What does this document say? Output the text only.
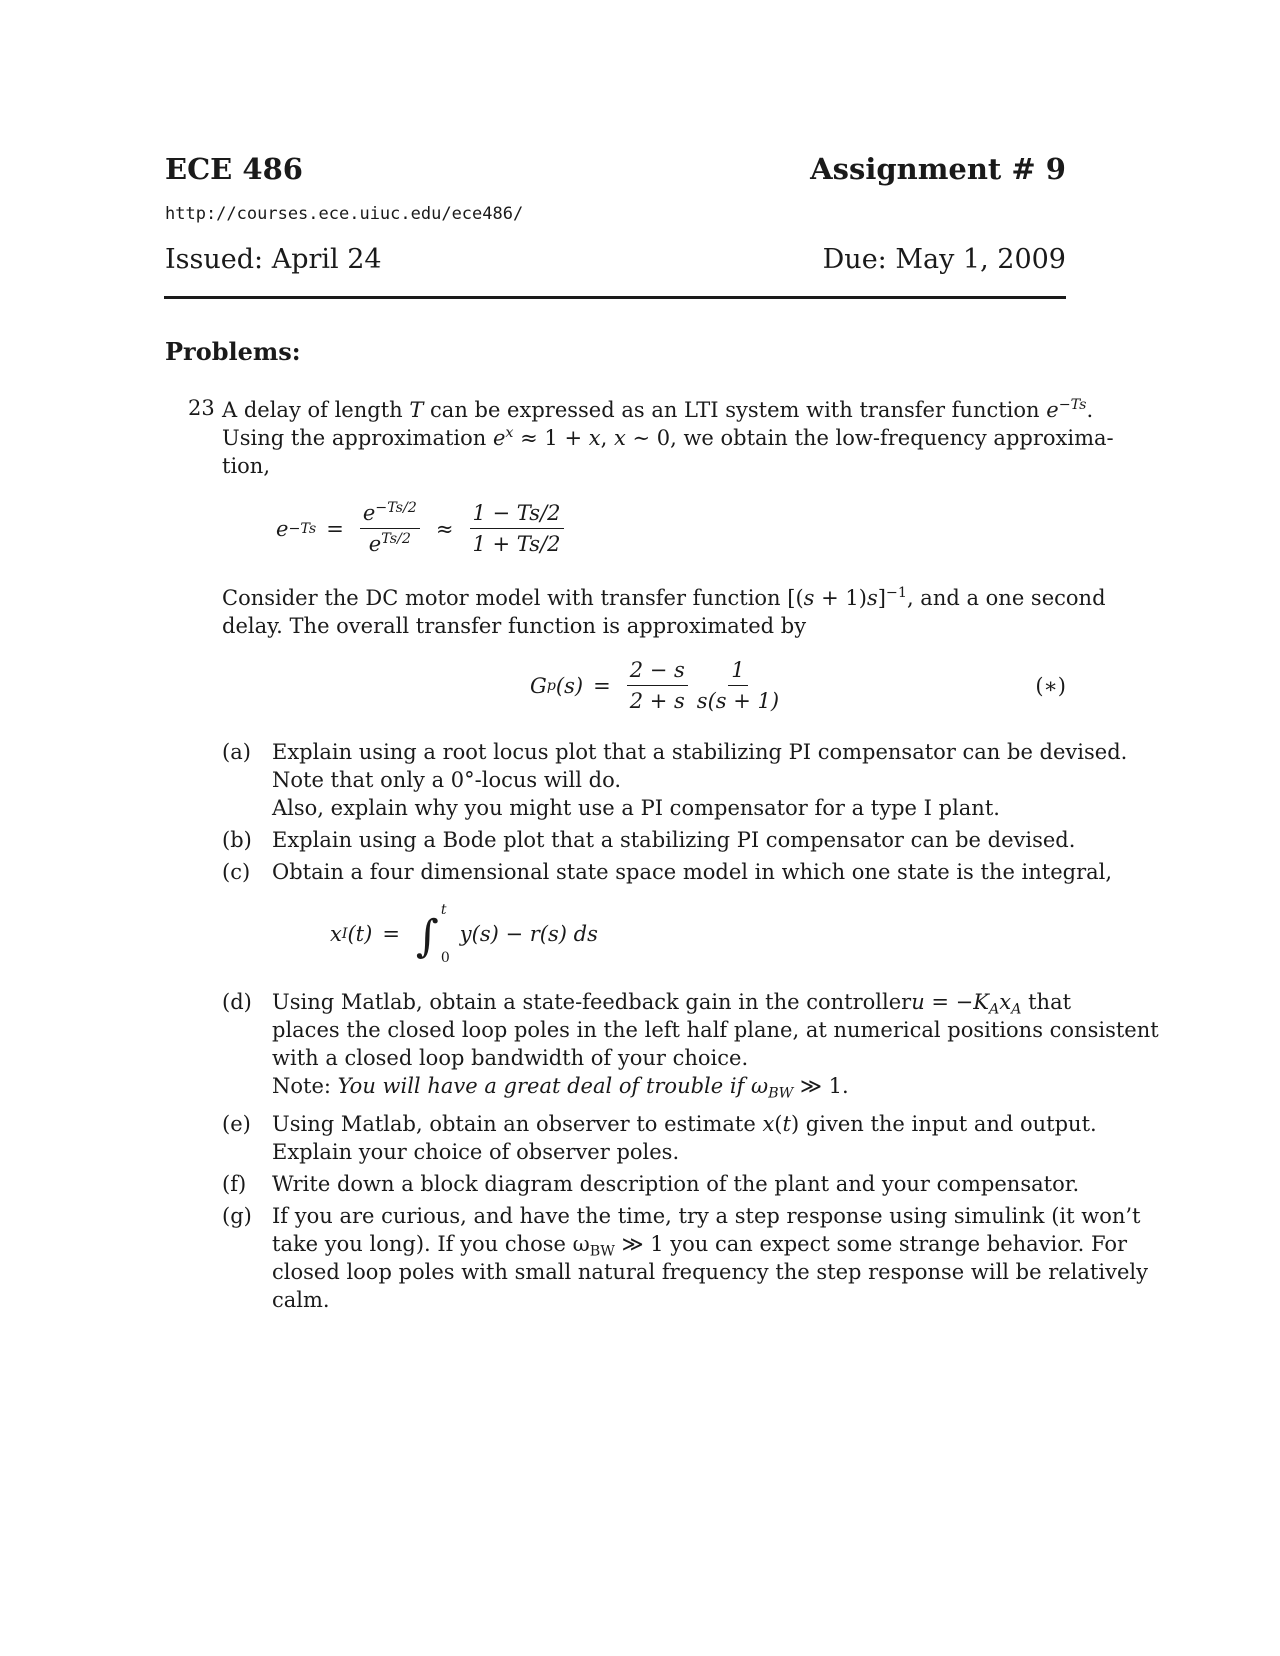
ECE 486	Assignment # 9
http://courses.ece.uiuc.edu/ece486/
Issued: April 24	Due: May 1, 2009
Problems:
23 A delay of length T can be expressed as an LTI system with transfer function $e^{-Ts}$.
Using the approximation $e^x \approx 1 + x$, x ∼ 0, we obtain the low-frequency approxima-
tion,
$e -Ts = \frac{e^{-Ts/2}}{e^{Ts/2}} \approx \frac{1 - Ts/2}{1 + Ts/2}$
Consider the DC motor model with transfer function $[(s + 1)s]^{-1}$, and a one second
delay. The overall transfer function is approximated by
G p $(s) = \frac{2 - s}{2 + s} \frac{1}{s(s + 1)}$	(∗)
(a) Explain using a root locus plot that a stabilizing PI compensator can be devised.
Note that only a 0°-locus will do.
Also, explain why you might use a PI compensator for a type I plant.
(b) Explain using a Bode plot that a stabilizing PI compensator can be devised.
(c) Obtain a four dimensional state space model in which one state is the integral,
x I (t) = ∫
t
0
y(s) − r(s) ds
(d) Using Matlab, obtain a state-feedback gain in the controller $u = -K_Ax_A$ that
places the closed loop poles in the left half plane, at numerical positions consistent
with a closed loop bandwidth of your choice.
Note: You will have a great deal of trouble if $\omega_{BW}$ ≫ 1.
(e) Using Matlab, obtain an observer to estimate x(t) given the input and output.
Explain your choice of observer poles.
(f) Write down a block diagram description of the plant and your compensator.
(g) If you are curious, and have the time, try a step response using simulink (it won’t
take you long). If you chose $\omega_{BW}$ ≫ 1 you can expect some strange behavior. For
closed loop poles with small natural frequency the step response will be relatively
calm.
